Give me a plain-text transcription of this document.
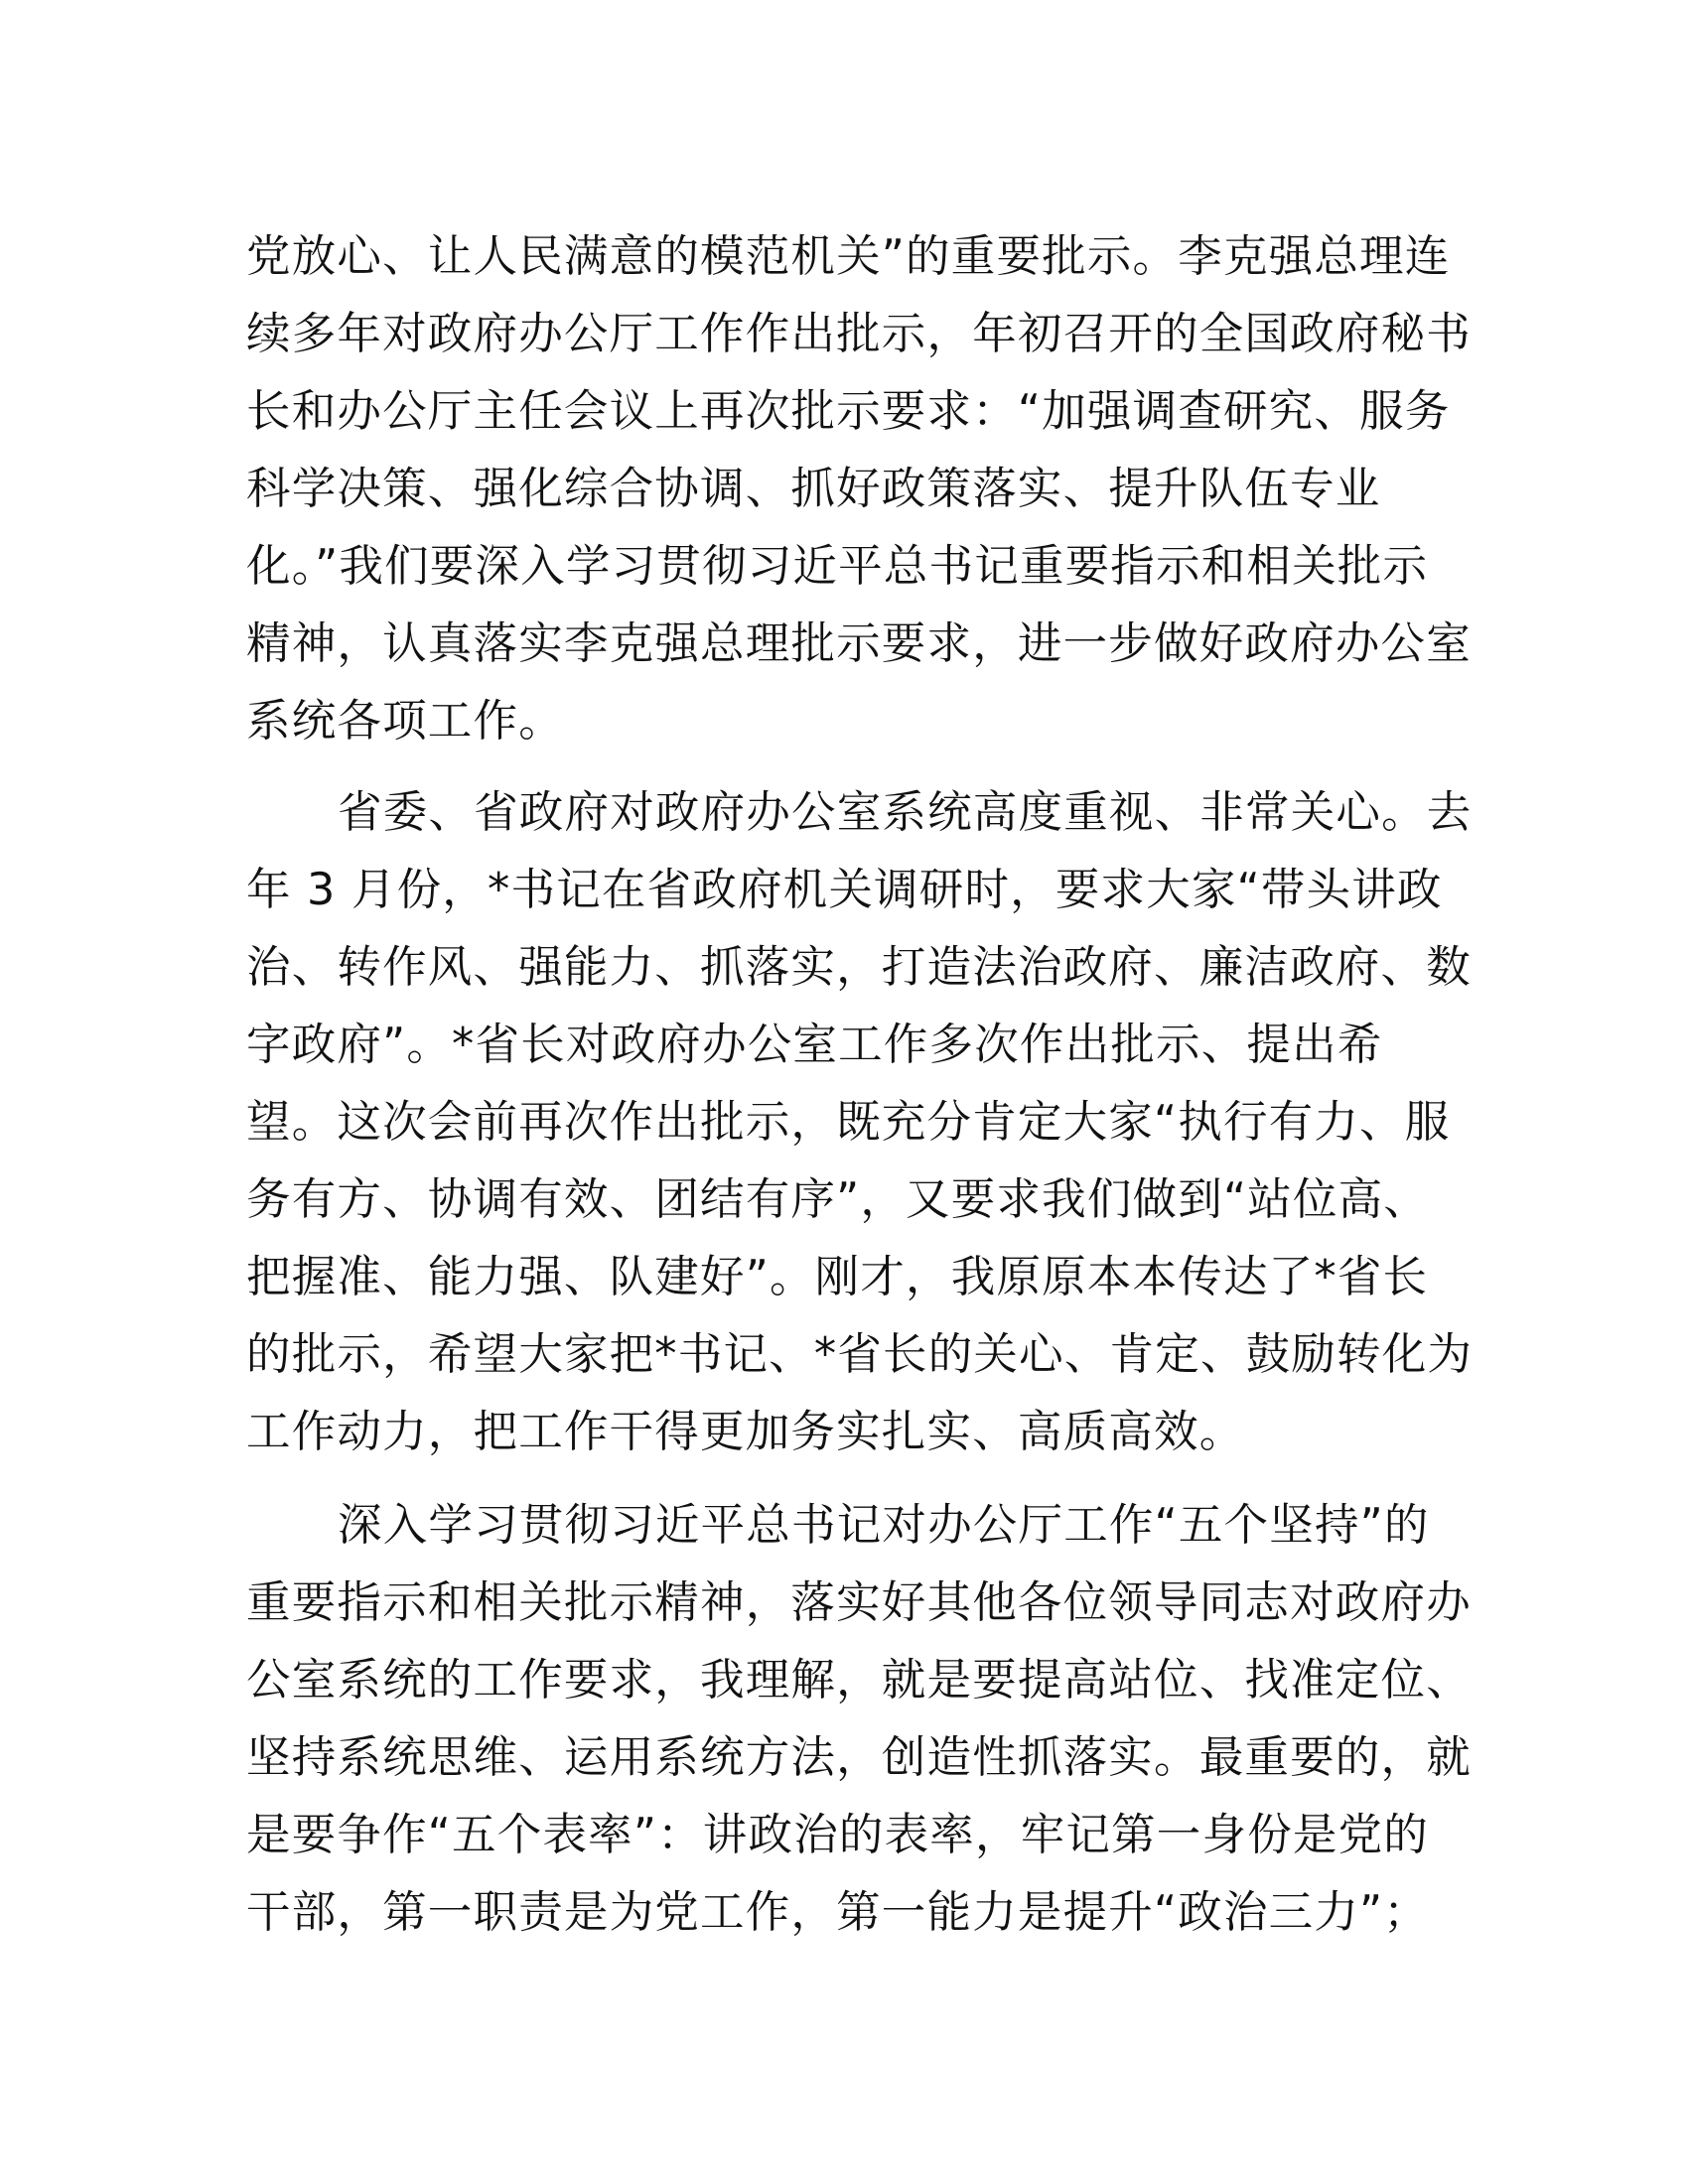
党放心、让人民满意的模范机关”的重要批示。李克强总理连
续多年对政府办公厅工作作出批示，年初召开的全国政府秘书
长和办公厅主任会议上再次批示要求：“加强调查研究、服务
科学决策、强化综合协调、抓好政策落实、提升队伍专业
化。”我们要深入学习贯彻习近平总书记重要指示和相关批示
精神，认真落实李克强总理批示要求，进一步做好政府办公室
系统各项工作。
省委、省政府对政府办公室系统高度重视、非常关心。去
年 3 月份，*书记在省政府机关调研时，要求大家“带头讲政
治、转作风、强能力、抓落实，打造法治政府、廉洁政府、数
字政府”。*省长对政府办公室工作多次作出批示、提出希
望。这次会前再次作出批示，既充分肯定大家“执行有力、服
务有方、协调有效、团结有序”，又要求我们做到“站位高、
把握准、能力强、队建好”。刚才，我原原本本传达了*省长
的批示，希望大家把*书记、*省长的关心、肯定、鼓励转化为
工作动力，把工作干得更加务实扎实、高质高效。
深入学习贯彻习近平总书记对办公厅工作“五个坚持”的
重要指示和相关批示精神，落实好其他各位领导同志对政府办
公室系统的工作要求，我理解，就是要提高站位、找准定位、
坚持系统思维、运用系统方法，创造性抓落实。最重要的，就
是要争作“五个表率”：讲政治的表率，牢记第一身份是党的
干部，第一职责是为党工作，第一能力是提升“政治三力”；
